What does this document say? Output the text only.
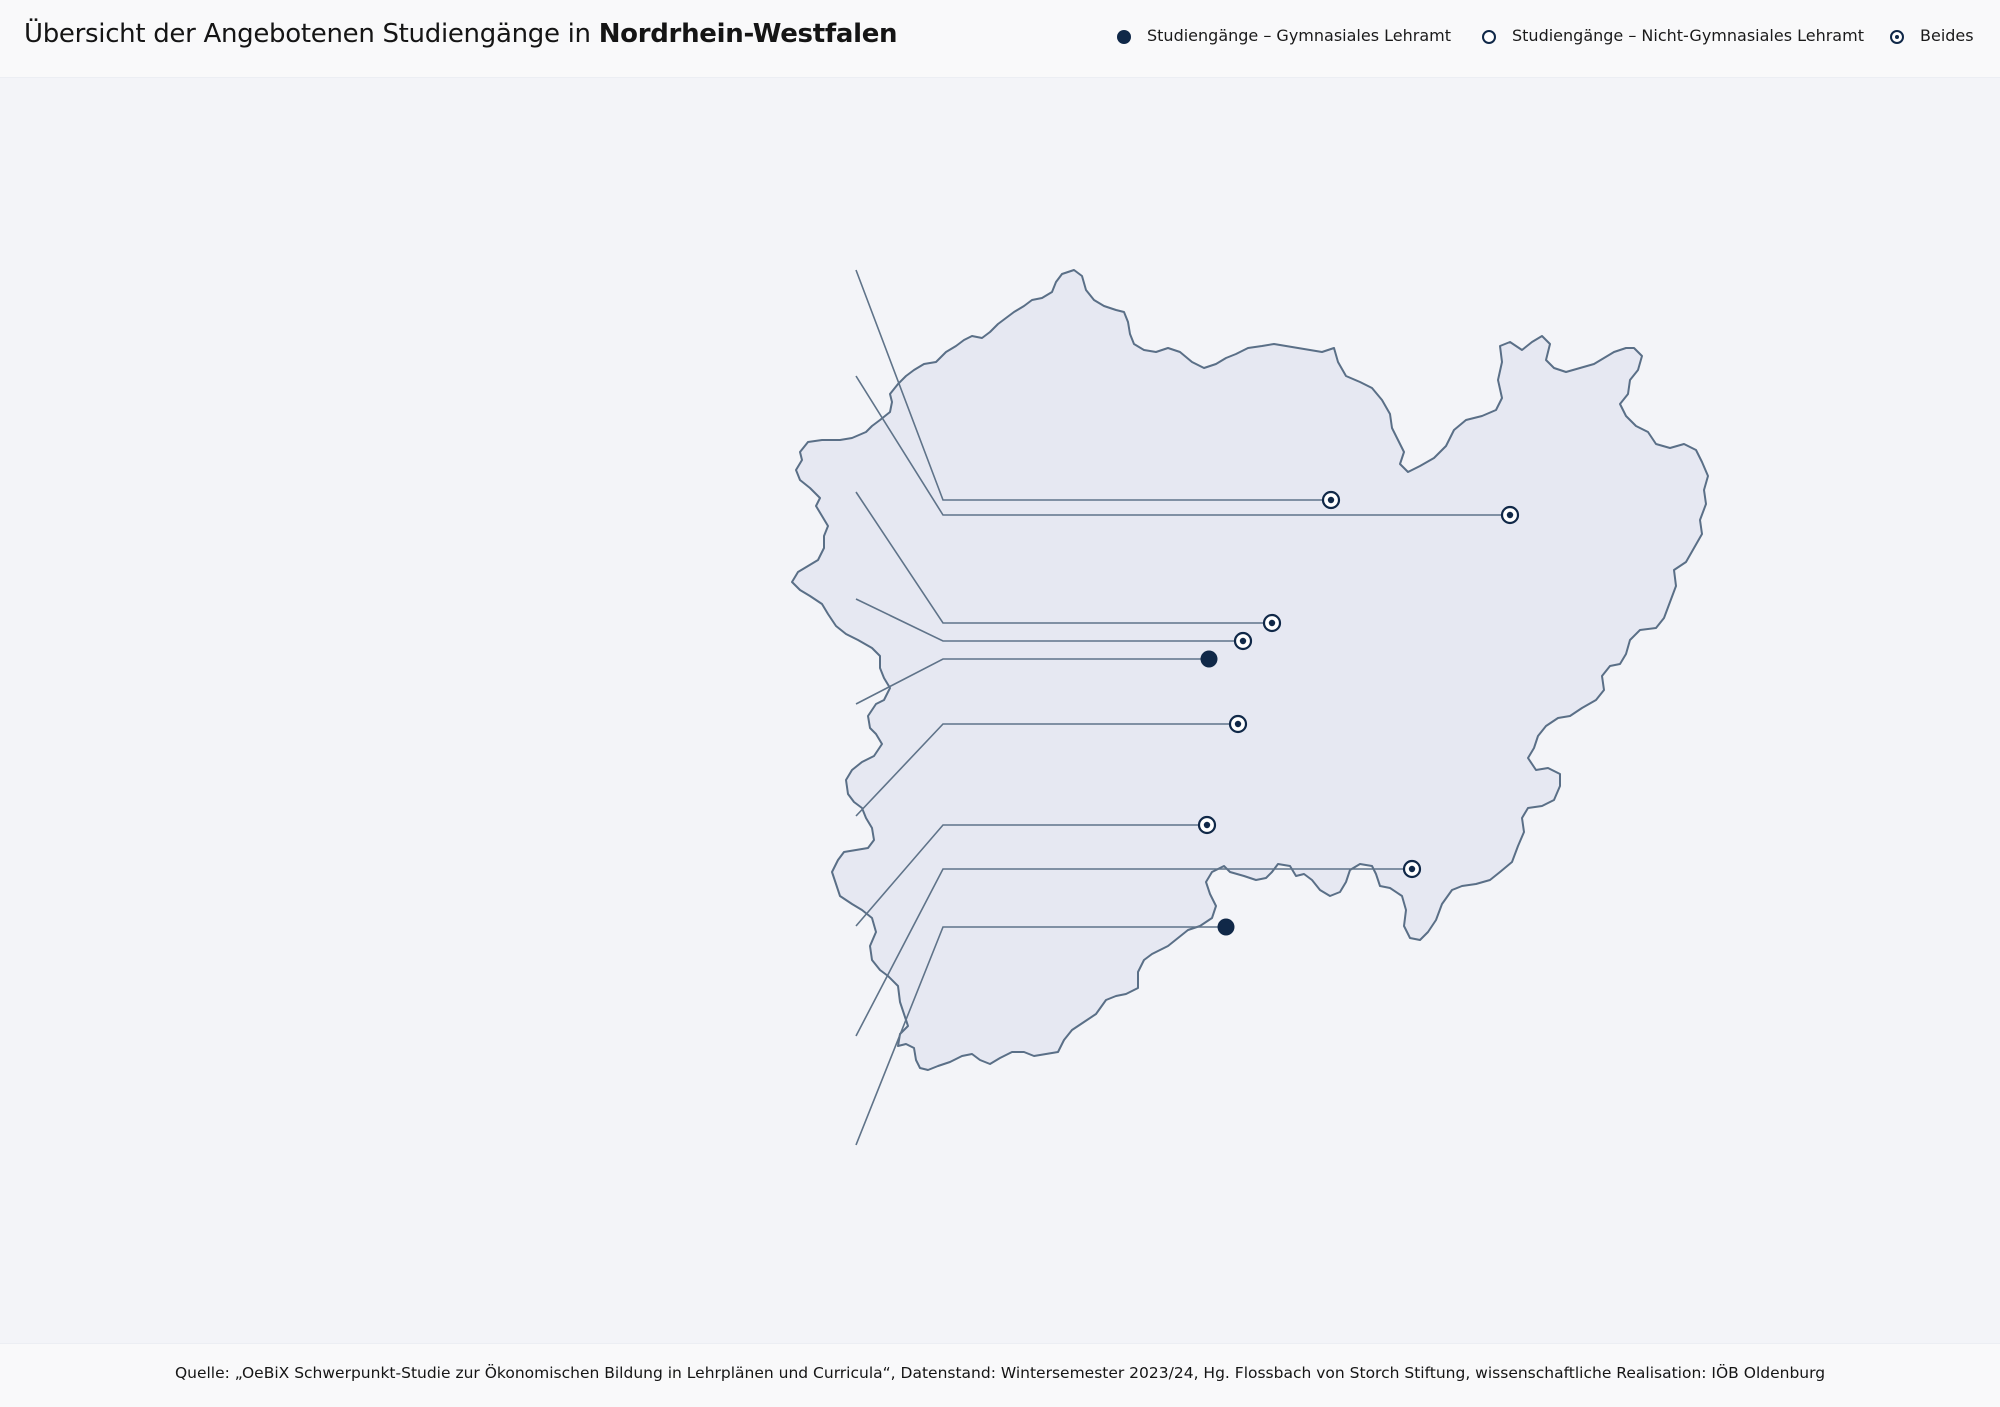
Übersicht der Angebotenen Studiengänge in Nordrhein-Westfalen	Studiengänge – Gymnasiales Lehramt	Studiengänge – Nicht-Gymnasiales Lehramt	Beides
Quelle: „OeBiX Schwerpunkt-Studie zur Ökonomischen Bildung in Lehrplänen und Curricula“, Datenstand: Wintersemester 2023/24, Hg. Flossbach von Storch Stiftung, wissenschaftliche Realisation: IÖB Oldenburg
